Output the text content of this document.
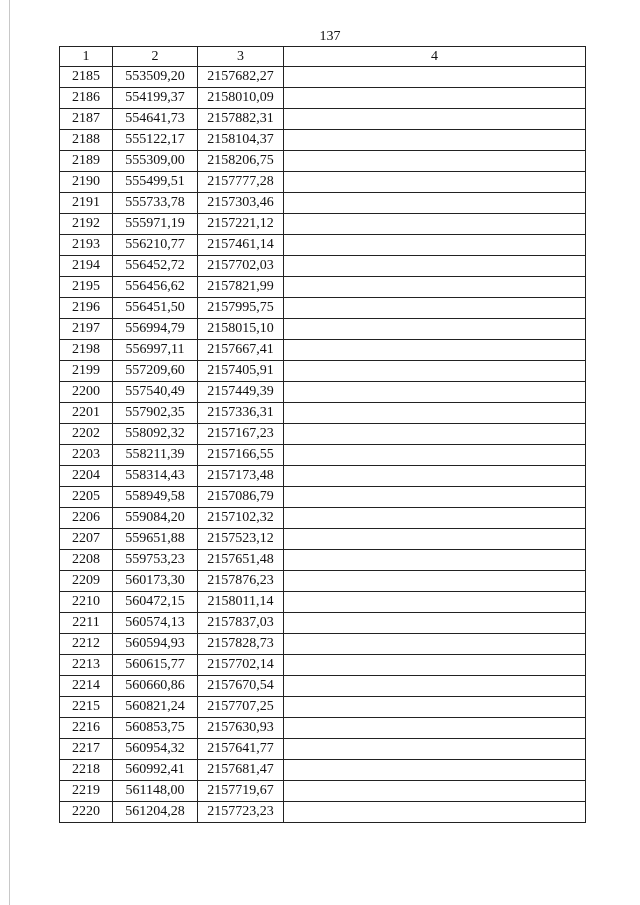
137
1	2	3	4
2185	553509,20	2157682,27	
2186	554199,37	2158010,09	
2187	554641,73	2157882,31	
2188	555122,17	2158104,37	
2189	555309,00	2158206,75	
2190	555499,51	2157777,28	
2191	555733,78	2157303,46	
2192	555971,19	2157221,12	
2193	556210,77	2157461,14	
2194	556452,72	2157702,03	
2195	556456,62	2157821,99	
2196	556451,50	2157995,75	
2197	556994,79	2158015,10	
2198	556997,11	2157667,41	
2199	557209,60	2157405,91	
2200	557540,49	2157449,39	
2201	557902,35	2157336,31	
2202	558092,32	2157167,23	
2203	558211,39	2157166,55	
2204	558314,43	2157173,48	
2205	558949,58	2157086,79	
2206	559084,20	2157102,32	
2207	559651,88	2157523,12	
2208	559753,23	2157651,48	
2209	560173,30	2157876,23	
2210	560472,15	2158011,14	
2211	560574,13	2157837,03	
2212	560594,93	2157828,73	
2213	560615,77	2157702,14	
2214	560660,86	2157670,54	
2215	560821,24	2157707,25	
2216	560853,75	2157630,93	
2217	560954,32	2157641,77	
2218	560992,41	2157681,47	
2219	561148,00	2157719,67	
2220	561204,28	2157723,23	
